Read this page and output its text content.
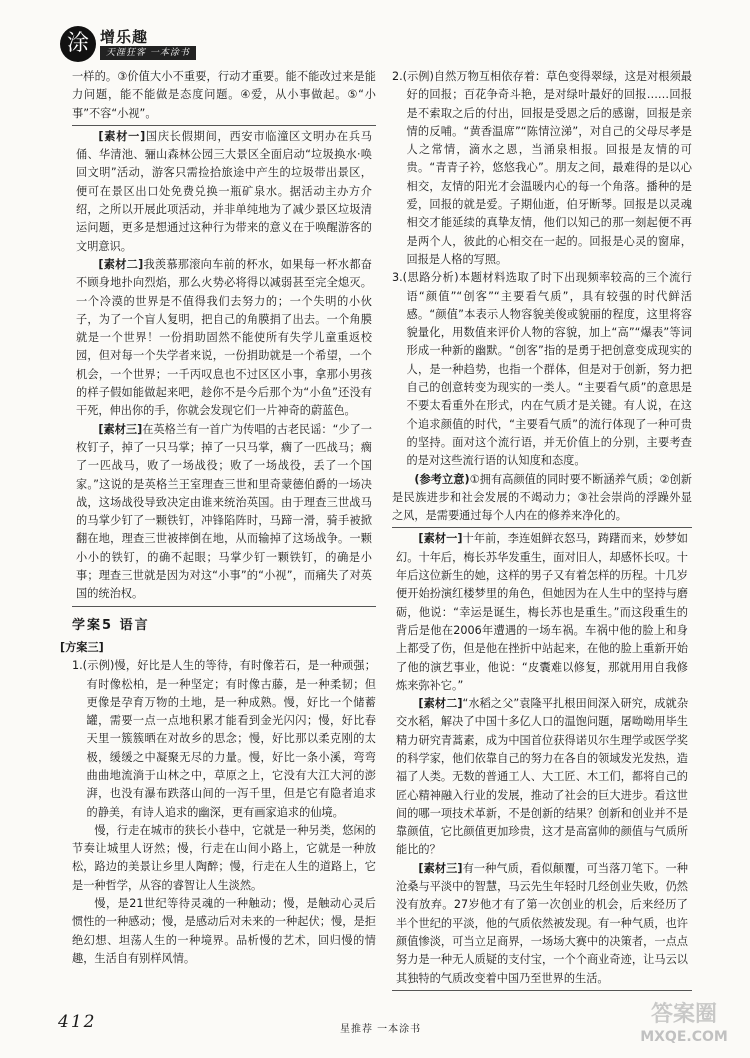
涂 增乐趣
天涯狂客 一本涂书

一样的。③价值大小不重要，行动才重要。能不能改过来是能力问题，能不能做是态度问题。④爱，从小事做起。⑤“小事”不容“小视”。

[素材一]国庆长假期间，西安市临潼区文明办在兵马俑、华清池、骊山森林公园三大景区全面启动“垃圾换水·唤回文明”活动，游客只需捡拾旅途中产生的垃圾带出景区，便可在景区出口处免费兑换一瓶矿泉水。据活动主办方介绍，之所以开展此项活动，并非单纯地为了减少景区垃圾清运问题，更多是想通过这种行为带来的意义在于唤醒游客的文明意识。

[素材二]我羡慕那滚向车前的杯水，如果每一杯水都奋不顾身地扑向烈焰，那么火势必将得以减弱甚至完全熄灭。一个冷漠的世界是不值得我们去努力的；一个失明的小伙子，为了一个盲人复明，把自己的角膜捐了出去。一个角膜就是一个世界！一份捐助固然不能使所有失学儿童重返校园，但对每一个失学者来说，一份捐助就是一个希望，一个机会，一个世界；一千丙叹息也不过区区小事，拿那小男孩的样子假如能做起来吧，趁你不是今后那个为“小鱼”还没有干死，伸出你的手，你就会发现它们一片神奇的蔚蓝色。

[素材三]在英格兰有一首广为传唱的古老民谣：“少了一枚钉子，掉了一只马掌；掉了一只马掌，瘸了一匹战马；瘸了一匹战马，败了一场战役；败了一场战役，丢了一个国家。”这说的是英格兰王室理查三世和里奇蒙德伯爵的一场决战，这场战役导致决定由谁来统治英国。由于理查三世战马的马掌少钉了一颗铁钉，冲锋陷阵时，马蹄一滑，骑手被掀翻在地，理查三世被摔倒在地，从而输掉了这场战争。一颗小小的铁钉，的确不起眼；马掌少钉一颗铁钉，的确是小事；理查三世就是因为对这“小事”的“小视”，而痛失了对英国的统治权。

学案5 语言

[方案三]

1.(示例)慢，好比是人生的等待，有时像若石，是一种顽强；有时像松柏，是一种坚定；有时像古藤，是一种柔韧；但更像是孕育万物的土地，是一种成熟。慢，好比一个储蓄罐，需要一点一点地积累才能看到金光闪闪；慢，好比春天里一簇簇晒在对故乡的思念；慢，好比那以柔克刚的太极，缓缓之中凝聚无尽的力量。慢，好比一条小溪，弯弯曲曲地流淌于山林之中，草原之上，它没有大江大河的澎湃，也没有瀑布跌落山间的一泻千里，但是它有隐者追求的静美，有诗人追求的幽深，更有画家追求的仙境。

慢，行走在城市的狭长小巷中，它就是一种另类，悠闲的节奏让城里人讶然；慢，行走在山间小路上，它就是一种放松，路边的美景让乡里人陶醉；慢，行走在人生的道路上，它是一种哲学，从容的睿智让人生淡然。

慢，是21世纪等待灵魂的一种触动；慢，是触动心灵后惯性的一种感动；慢，是感动后对未来的一种起伏；慢，是拒绝幻想、坦荡人生的一种境界。品析慢的艺术，回归慢的情趣，生活自有别样风情。

2.(示例)自然万物互相依存着：草色变得翠绿，这是对根须最好的回报；百花争奇斗艳，是对绿叶最好的回报……回报是不索取之后的付出，回报是受恩之后的感谢，回报是亲情的反哺。“黄香温席”“陈情泣涕”，对自己的父母尽孝是人之常情，滴水之恩，当涌泉相报。回报是友情的可贵。“青青子衿，悠悠我心”。朋友之间，最难得的是以心相交，友情的阳光才会温暖内心的每一个角落。播种的是爱，回报的就是爱。子期仙逝，伯牙断琴。回报是以灵魂相交才能延续的真挚友情，他们以知己的那一刻起便不再是两个人，彼此的心相交在一起的。回报是心灵的窗扉，回报是人格的写照。

3.(思路分析)本题材料选取了时下出现频率较高的三个流行语“颜值”“创客”“主要看气质”，具有较强的时代鲜活感。“颜值”本表示人物容貌美俊或貌丽的程度，这里将容貌量化，用数值来评价人物的容貌，加上“高”“爆表”等词形成一种新的幽默。“创客”指的是勇于把创意变成现实的人，是一种趋势，也指一个群体，但是对于创新，努力把自己的创意转变为现实的一类人。“主要看气质”的意思是不要太看重外在形式，内在气质才是关键。有人说，在这个追求颜值的时代，“主要看气质”的流行体现了一种可贵的坚持。面对这个流行语，并无价值上的分别，主要考查的是对这些流行语的认知度和态度。

(参考立意)①拥有高颜值的同时要不断涵养气质；②创新是民族进步和社会发展的不竭动力；③社会崇尚的浮躁外显之风，是需要通过每个人内在的修养来净化的。

[素材一]十年前，李连姐鲜衣怒马，踌躇而来，妙梦如幻。十年后，梅长苏华发重生，面对旧人，却感怀长叹。十年后这位新生的她，这样的男子又有着怎样的历程。十几岁便开始扮演红楼梦里的角色，但她因为在人生中的坚持与磨砺，他说：“幸运是诞生，梅长苏也是重生。”而这段重生的背后是他在2006年遭遇的一场车祸。车祸中他的脸上和身上都受了伤，但是他在挫折中站起来，在他的脸上重新开始了他的演艺事业，他说：“皮囊难以修复，那就用用自我修炼来弥补它。”

[素材二]“水稻之父”袁隆平扎根田间深入研究，成就杂交水稻，解决了中国十多亿人口的温饱问题，屠呦呦用毕生精力研究青蒿素，成为中国首位获得诺贝尔生理学或医学奖的科学家，他们依靠自己的努力在各自的领域发光发热，造福了人类。无数的普通工人、大工匠、木工们，都将自己的匠心精神融入行业的发展，推动了社会的巨大进步。看这世间的哪一项技术革新，不是创新的结果？创新和创业并不是靠颜值，它比颜值更加珍贵，这才是高富帅的颜值与气质所能比的？

[素材三]有一种气质，看似颠覆，可当落刀笔下。一种沧桑与平淡中的智慧，马云先生年轻时几经创业失败，仍然没有放弃。27岁他才有了第一次创业的机会，后来经历了半个世纪的平淡，他的气质依然被发现。有一种气质，也许颜值惨淡，可当立足商界，一场场大赛中的决策者，一点点努力是一种无人质疑的支付宝，一个个商业奇迹，让马云以其独特的气质改变着中国乃至世界的生活。

412	星推荐 一本涂书
答案圈
MXQE.COM
